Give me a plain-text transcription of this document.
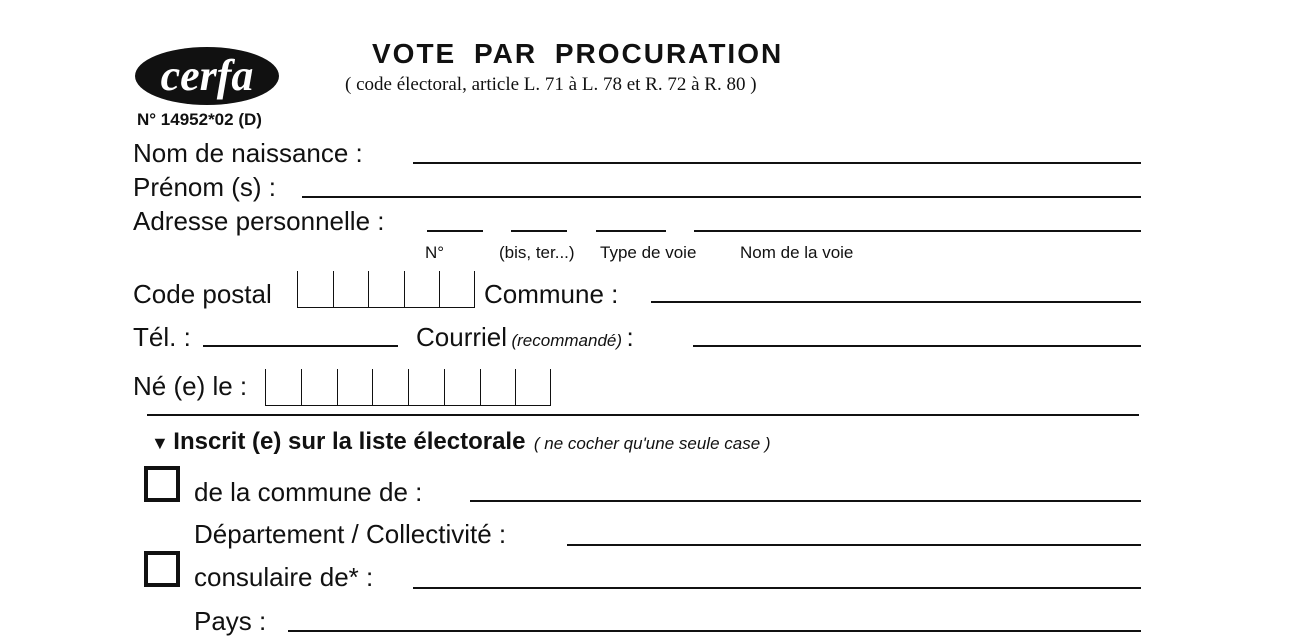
cerfa
N° 14952*02 (D)
VOTE PAR PROCURATION
( code électoral, article L. 71 à L. 78 et R. 72 à R. 80 )
Nom de naissance :
Prénom (s) :
Adresse personnelle :
N°	(bis, ter...) Type de voie	Nom de la voie
Code postal	Commune :
Tél. :	Courriel (recommandé) :
Né (e) le :
▼ Inscrit (e) sur la liste électorale ( ne cocher qu'une seule case )
de la commune de :
Département / Collectivité :
consulaire de* :
Pays :
